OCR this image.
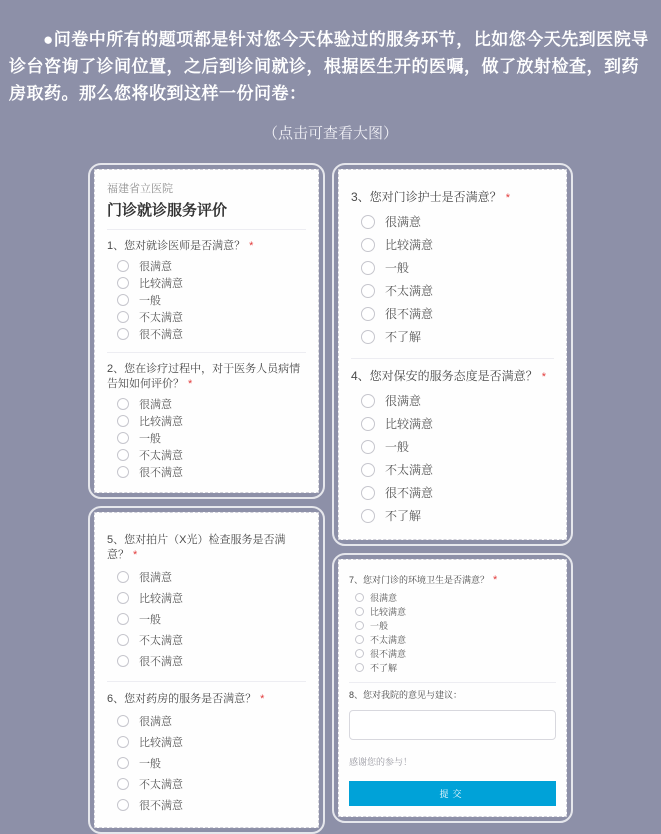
●问卷中所有的题项都是针对您今天体验过的服务环节，比如您今天先到医院导诊台咨询了诊间位置，之后到诊间就诊，根据医生开的医嘱，做了放射检查，到药房取药。那么您将收到这样一份问卷：

（点击可查看大图）

福建省立医院
门诊就诊服务评价
1、您对就诊医师是否满意？ *
很满意
比较满意
一般
不太满意
很不满意
2、您在诊疗过程中，对于医务人员病情告知如何评价？ *
很满意
比较满意
一般
不太满意
很不满意
5、您对拍片（X光）检查服务是否满意？ *
很满意
比较满意
一般
不太满意
很不满意
6、您对药房的服务是否满意？ *
很满意
比较满意
一般
不太满意
很不满意
3、您对门诊护士是否满意？ *
很满意
比较满意
一般
不太满意
很不满意
不了解
4、您对保安的服务态度是否满意？ *
很满意
比较满意
一般
不太满意
很不满意
不了解
7、您对门诊的环境卫生是否满意？ *
很满意
比较满意
一般
不太满意
很不满意
不了解
8、您对我院的意见与建议：
感谢您的参与！
提交
